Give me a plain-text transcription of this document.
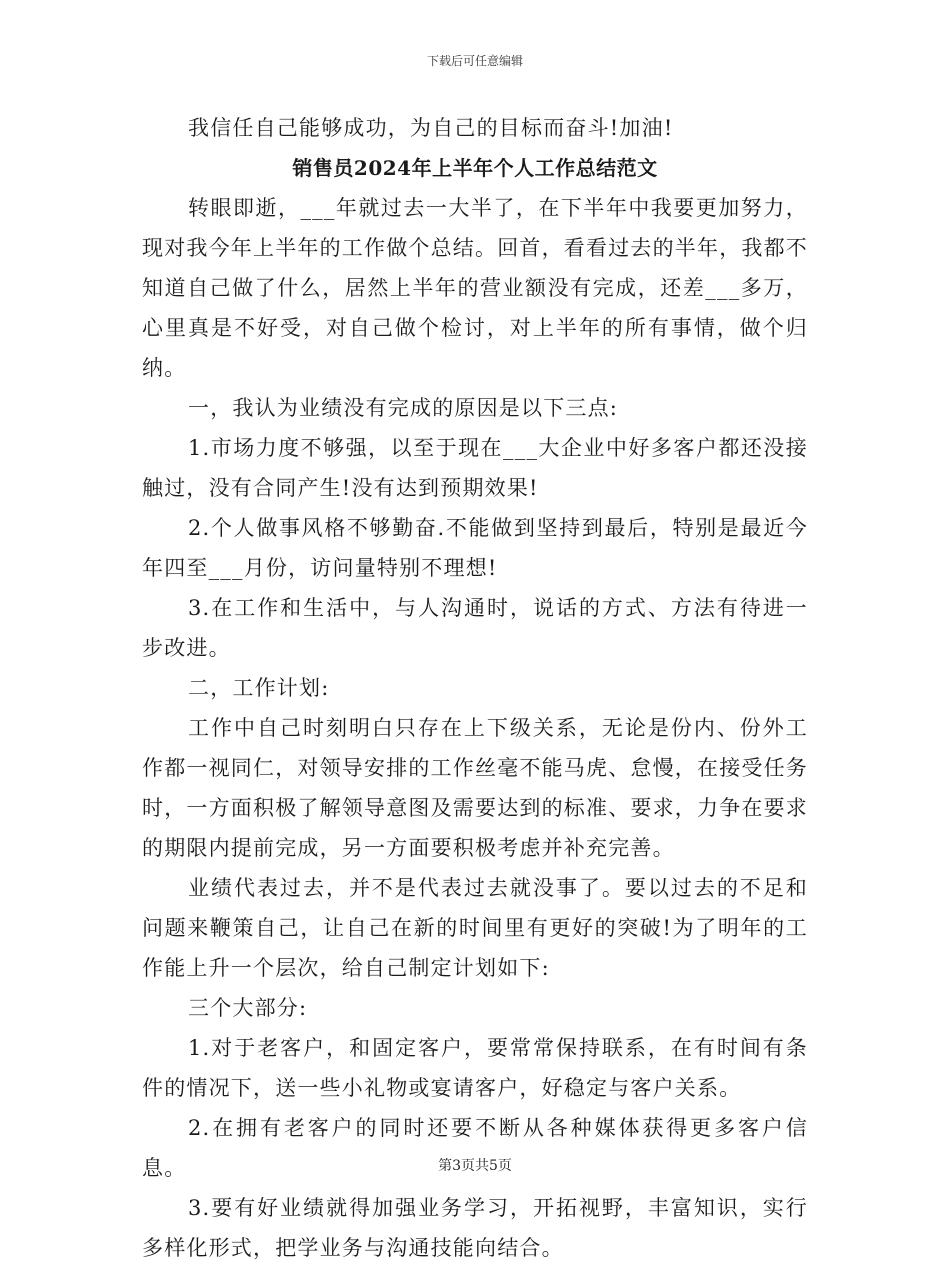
下载后可任意编辑

我信任自己能够成功，为自己的目标而奋斗!加油!

销售员2024年上半年个人工作总结范文

转眼即逝，___年就过去一大半了，在下半年中我要更加努力，现对我今年上半年的工作做个总结。回首，看看过去的半年，我都不知道自己做了什么，居然上半年的营业额没有完成，还差___多万，心里真是不好受，对自己做个检讨，对上半年的所有事情，做个归纳。

一，我认为业绩没有完成的原因是以下三点:

1.市场力度不够强，以至于现在___大企业中好多客户都还没接触过，没有合同产生!没有达到预期效果!

2.个人做事风格不够勤奋.不能做到坚持到最后，特别是最近今年四至___月份，访问量特别不理想!

3.在工作和生活中，与人沟通时，说话的方式、方法有待进一步改进。

二，工作计划:

工作中自己时刻明白只存在上下级关系，无论是份内、份外工作都一视同仁，对领导安排的工作丝毫不能马虎、怠慢，在接受任务时，一方面积极了解领导意图及需要达到的标准、要求，力争在要求的期限内提前完成，另一方面要积极考虑并补充完善。

业绩代表过去，并不是代表过去就没事了。要以过去的不足和问题来鞭策自己，让自己在新的时间里有更好的突破!为了明年的工作能上升一个层次，给自己制定计划如下:

三个大部分:

1.对于老客户，和固定客户，要常常保持联系，在有时间有条件的情况下，送一些小礼物或宴请客户，好稳定与客户关系。

2.在拥有老客户的同时还要不断从各种媒体获得更多客户信息。

3.要有好业绩就得加强业务学习，开拓视野，丰富知识，实行多样化形式，把学业务与沟通技能向结合。

第3页共5页
